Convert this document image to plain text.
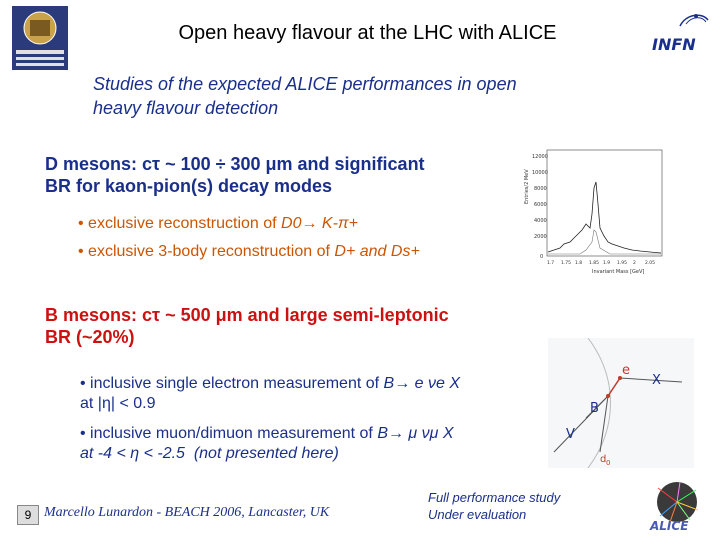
Open heavy flavour at the LHC with ALICE
INFN
Studies of the expected ALICE performances in open
heavy flavour detection
D mesons: cτ ~ 100 ÷ 300 μm and significant
BR for kaon-pion(s) decay modes
• exclusive reconstruction of D0→ K-π+
• exclusive 3-body reconstruction of D+ and Ds+
Entries/2 MeV
12000
10000
8000
6000
4000
2000
0
1.7 1.75 1.8 1.85 1.9 1.95 2 2.05
Invariant Mass [GeV]
B mesons: cτ ~ 500 μm and large semi-leptonic
BR (~20%)
• inclusive single electron measurement of B→ e νe X
at |η| < 0.9
• inclusive muon/dimuon measurement of B→ μ νμ X
at -4 < η < -2.5 (not presented here)
e
X
B
V
d 0
9 Marcello Lunardon - BEACH 2006, Lancaster, UK
Full performance study
Under evaluation
ALICE
